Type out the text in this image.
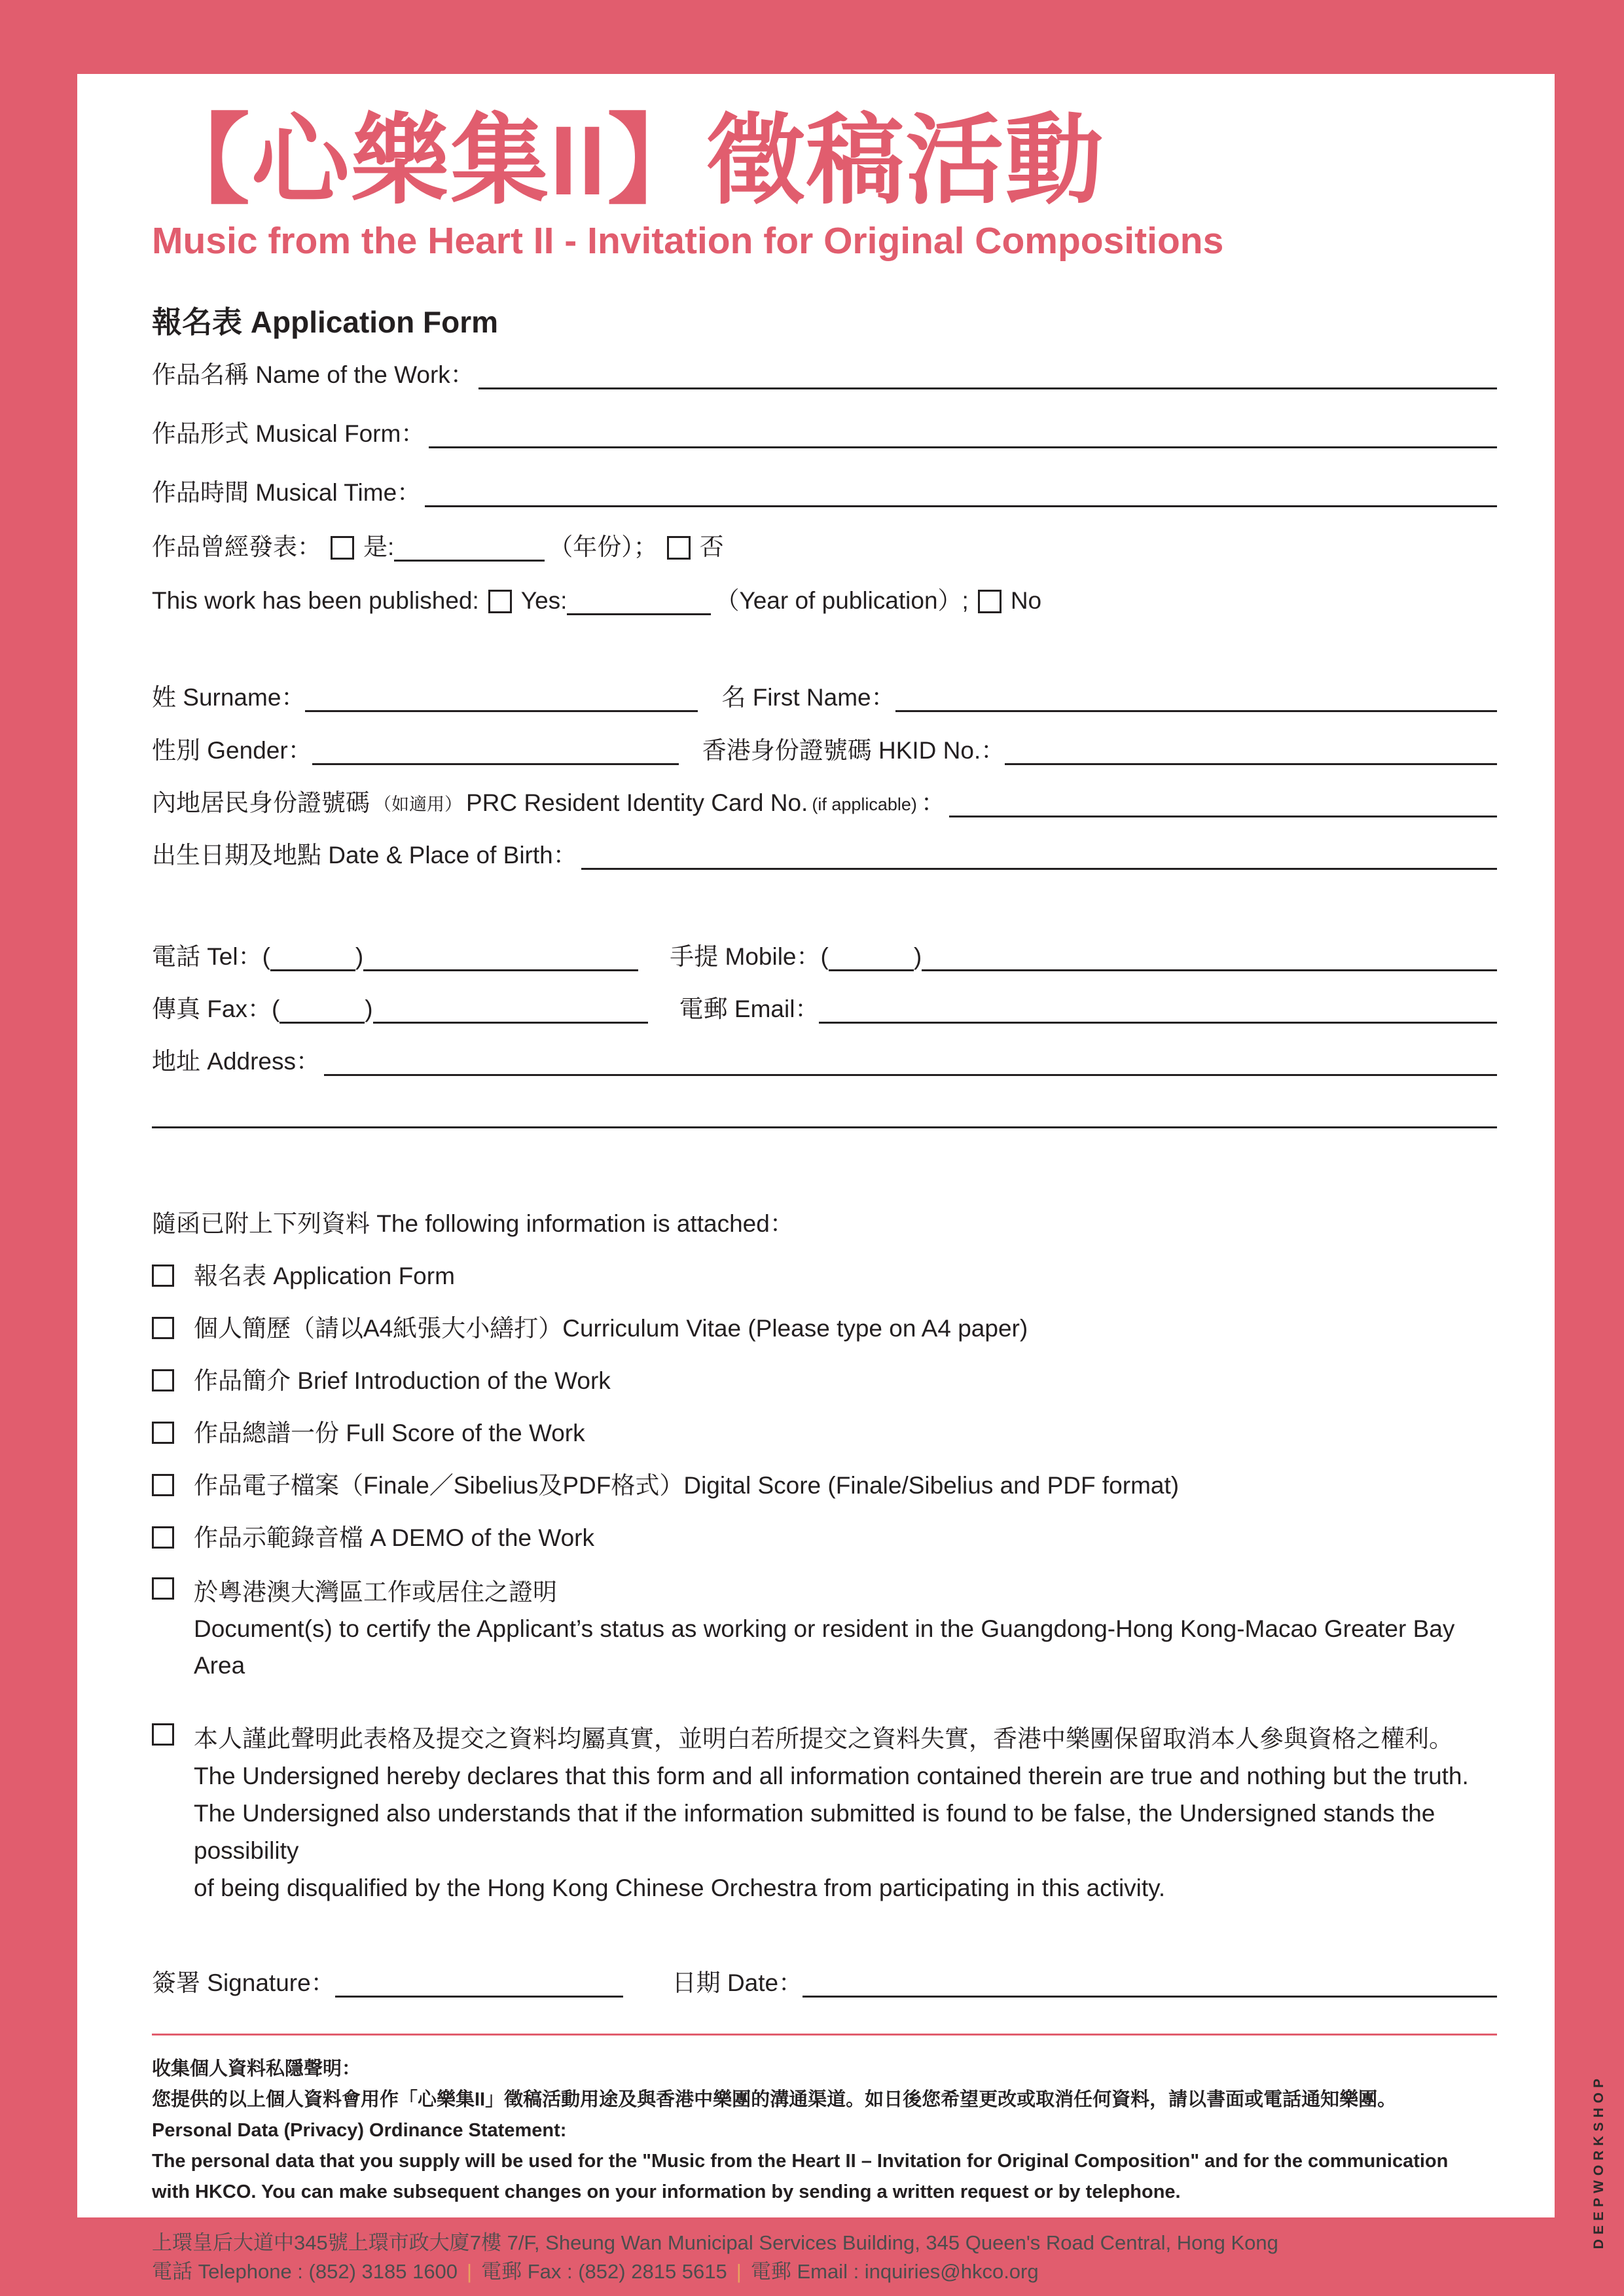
【心樂集II】徵稿活動
Music from the Heart II - Invitation for Original Compositions
報名表 Application Form
作品名稱 Name of the Work：
作品形式 Musical Form：
作品時間 Musical Time：
作品曾經發表： 是:	（年份）； 否
This work has been published: Yes:	（Year of publication）; No
姓 Surname：	名 First Name：
性別 Gender：	香港身份證號碼 HKID No.：
內地居民身份證號碼 （如適用） PRC Resident Identity Card No. (if applicable) ：
出生日期及地點 Date & Place of Birth：
電話 Tel： (	)	手提 Mobile： (	)
傳真 Fax： (	)	電郵 Email：
地址 Address：
隨函已附上下列資料 The following information is attached：
報名表 Application Form
個人簡歷（請以A4紙張大小繕打）Curriculum Vitae (Please type on A4 paper)
作品簡介 Brief Introduction of the Work
作品總譜一份 Full Score of the Work
作品電子檔案（Finale／Sibelius及PDF格式）Digital Score (Finale/Sibelius and PDF format)
作品示範錄音檔 A DEMO of the Work
於粵港澳大灣區工作或居住之證明
Document(s) to certify the Applicant’s status as working or resident in the Guangdong-Hong Kong-Macao Greater Bay Area
本人謹此聲明此表格及提交之資料均屬真實，並明白若所提交之資料失實，香港中樂團保留取消本人參與資格之權利。
The Undersigned hereby declares that this form and all information contained therein are true and nothing but the truth.
The Undersigned also understands that if the information submitted is found to be false, the Undersigned stands the possibility
of being disqualified by the Hong Kong Chinese Orchestra from participating in this activity.
簽署 Signature：	日期 Date：
收集個人資料私隱聲明：
您提供的以上個人資料會用作「心樂集II」徵稿活動用途及與香港中樂團的溝通渠道。如日後您希望更改或取消任何資料，請以書面或電話通知樂團。
Personal Data (Privacy) Ordinance Statement:
The personal data that you supply will be used for the "Music from the Heart II – Invitation for Original Composition" and for the communication
with HKCO. You can make subsequent changes on your information by sending a written request or by telephone.
上環皇后大道中345號上環市政大廈7樓 7/F, Sheung Wan Municipal Services Building, 345 Queen's Road Central, Hong Kong
電話 Telephone : (852) 3185 1600 | 電郵 Fax : (852) 2815 5615 | 電郵 Email : inquiries@hkco.org
DEEPWORKSHOP
